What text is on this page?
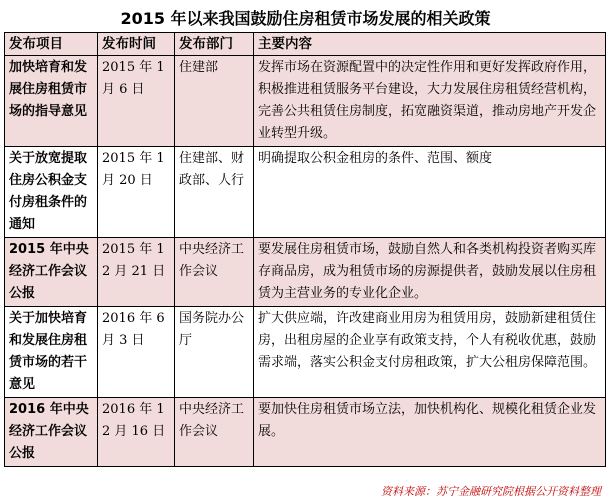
2015 年以来我国鼓励住房租赁市场发展的相关政策
发布项目	发布时间	发布部门	主要内容
加快培育和发展住房租赁市场的指导意见	2015 年 1 月 6 日	住建部	发挥市场在资源配置中的决定性作用和更好发挥政府作用，积极推进租赁服务平台建设，大力发展住房租赁经营机构，完善公共租赁住房制度，拓宽融资渠道，推动房地产开发企业转型升级。
关于放宽提取住房公积金支付房租条件的通知	2015 年 1 月 20 日	住建部、财政部、人行	明确提取公积金租房的条件、范围、额度
2015 年中央经济工作会议公报	2015 年 12 月 21 日	中央经济工作会议	要发展住房租赁市场，鼓励自然人和各类机构投资者购买库存商品房，成为租赁市场的房源提供者，鼓励发展以住房租赁为主营业务的专业化企业。
关于加快培育和发展住房租赁市场的若干意见	2016 年 6 月 3 日	国务院办公厅	扩大供应端，许改建商业用房为租赁用房，鼓励新建租赁住房，出租房屋的企业享有政策支持，个人有税收优惠，鼓励需求端，落实公积金支付房租政策，扩大公租房保障范围。
2016 年中央经济工作会议公报	2016 年 12 月 16 日	中央经济工作会议	要加快住房租赁市场立法，加快机构化、规模化租赁企业发展。
资料来源：苏宁金融研究院根据公开资料整理
